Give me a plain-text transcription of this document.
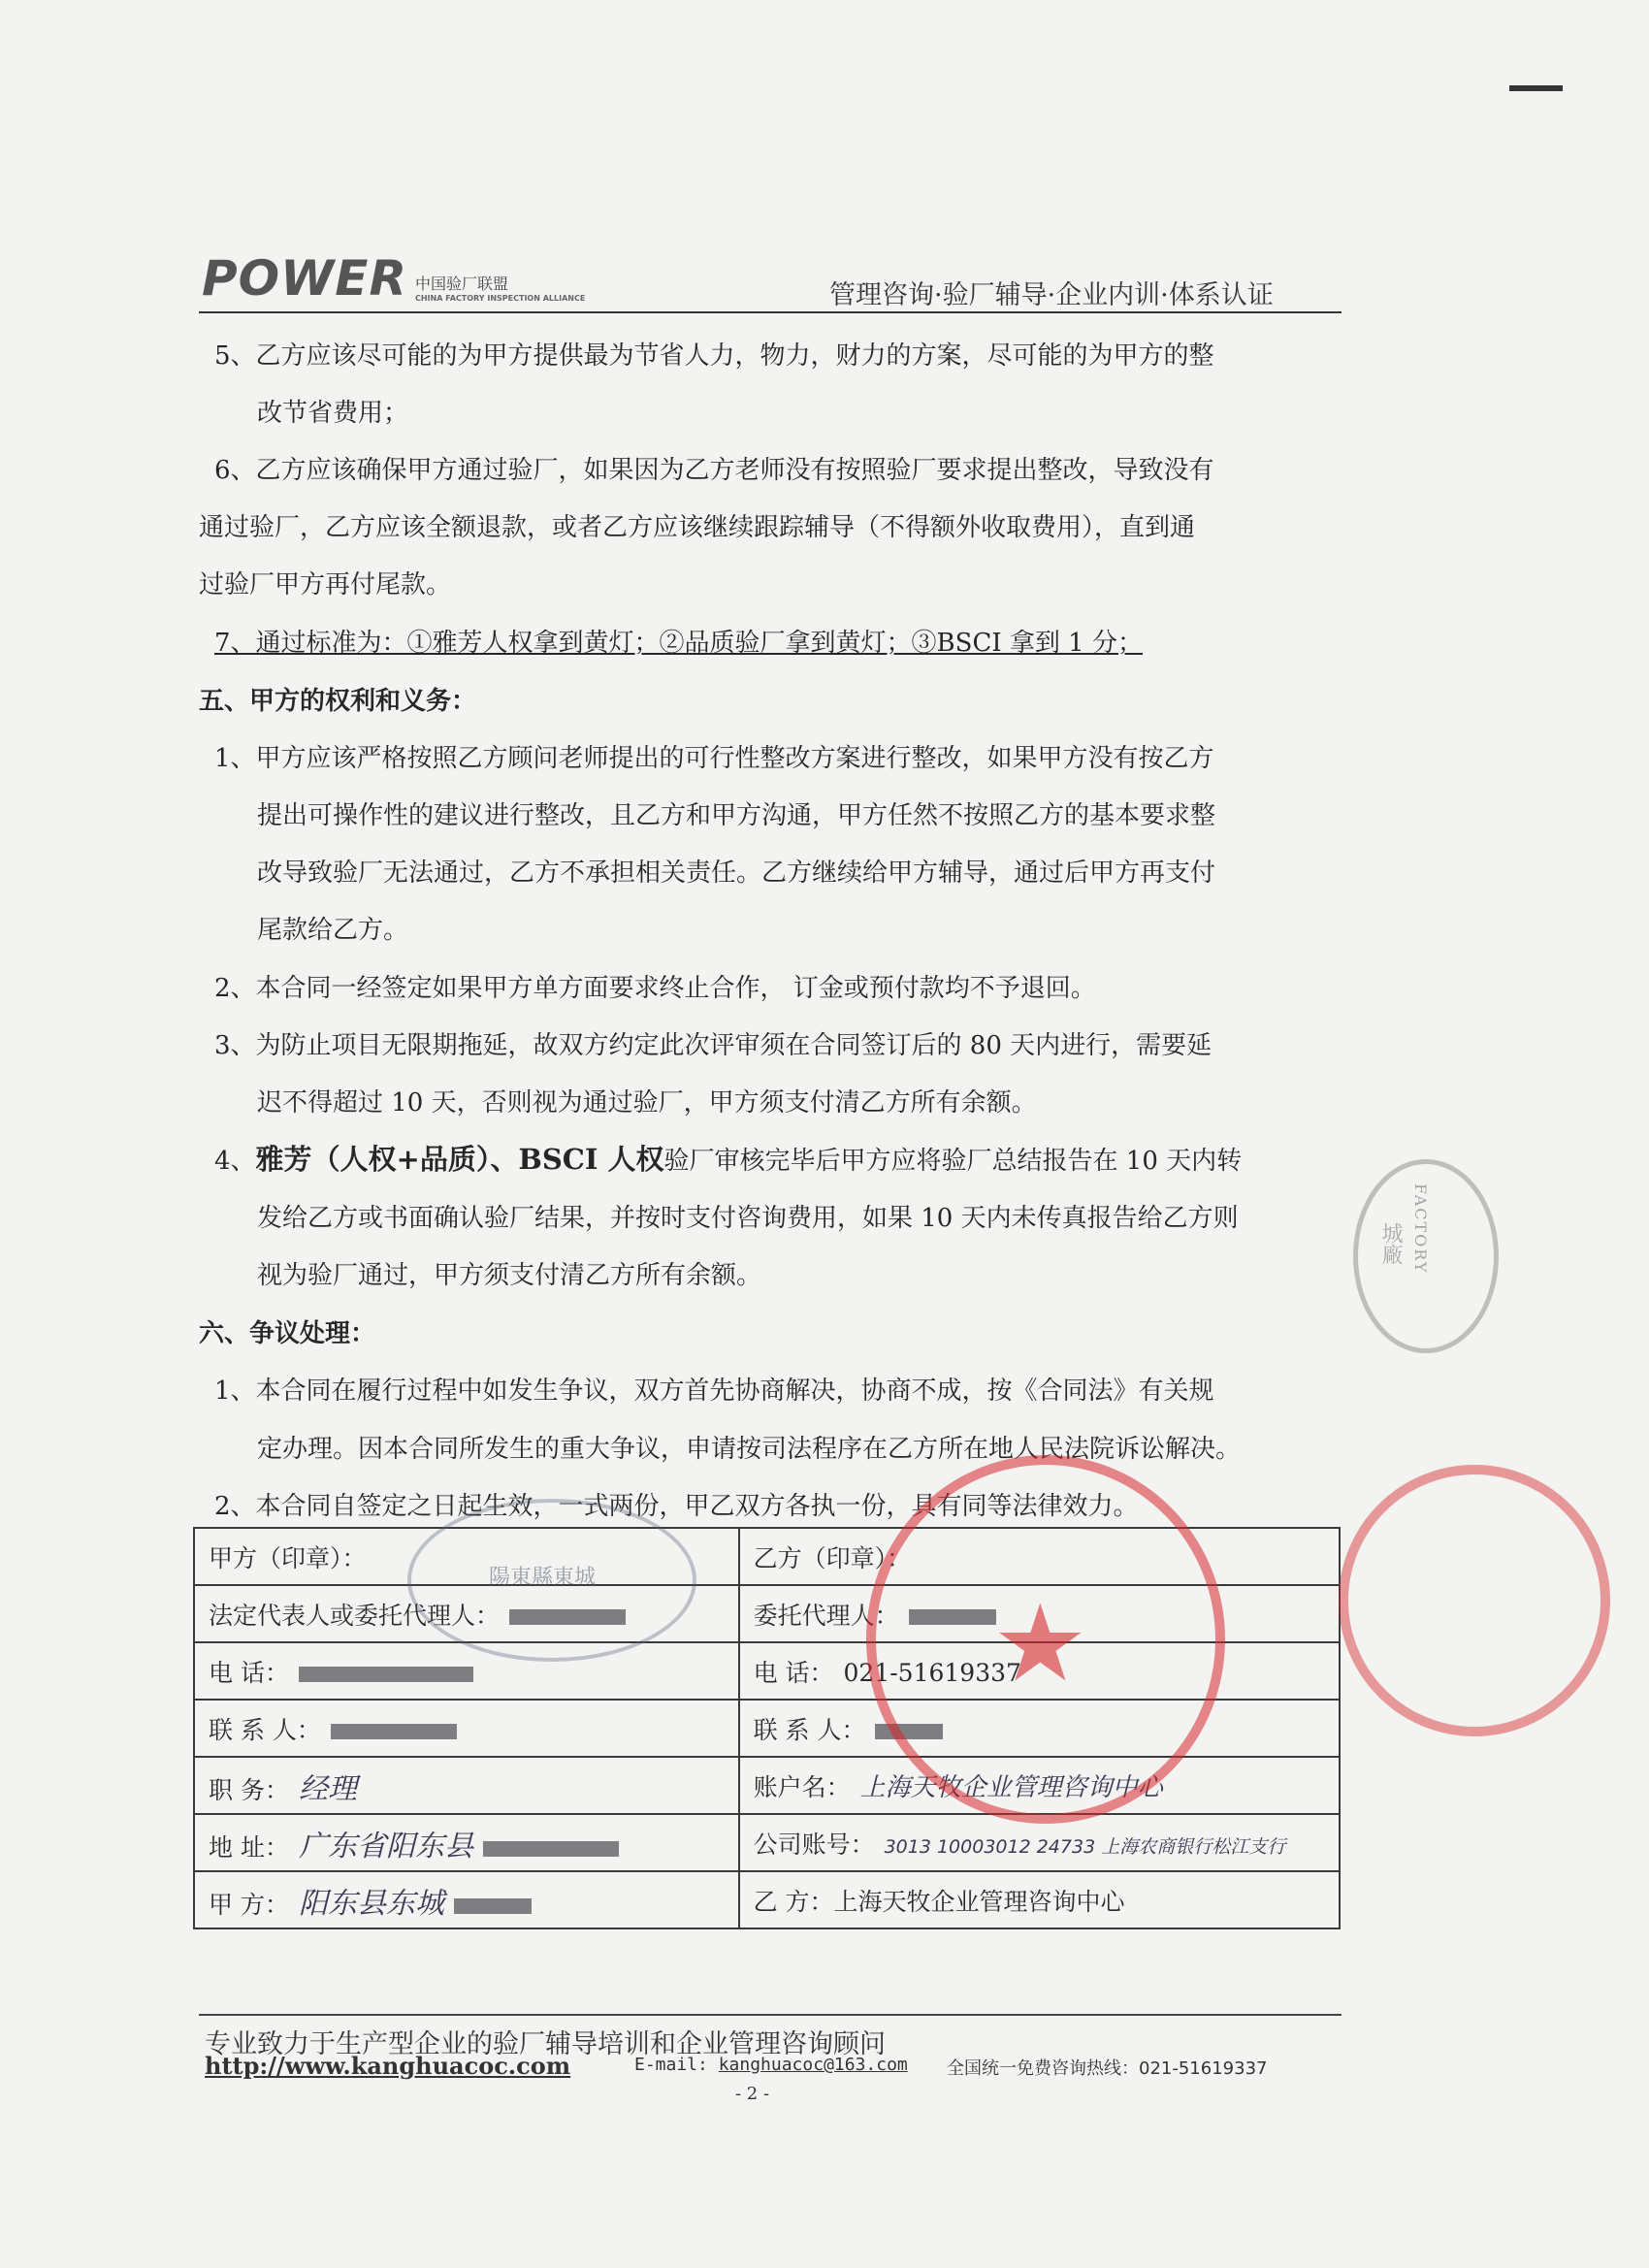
POWER 中国验厂联盟
CHINA FACTORY INSPECTION ALLIANCE	管理咨询·验厂辅导·企业内训·体系认证
5、乙方应该尽可能的为甲方提供最为节省人力，物力，财力的方案，尽可能的为甲方的整
改节省费用；
6、乙方应该确保甲方通过验厂，如果因为乙方老师没有按照验厂要求提出整改，导致没有
通过验厂，乙方应该全额退款，或者乙方应该继续跟踪辅导（不得额外收取费用），直到通
过验厂甲方再付尾款。
7、通过标准为：①雅芳人权拿到黄灯；②品质验厂拿到黄灯；③BSCI 拿到 1 分；
五、甲方的权利和义务：
1、甲方应该严格按照乙方顾问老师提出的可行性整改方案进行整改，如果甲方没有按乙方
提出可操作性的建议进行整改，且乙方和甲方沟通，甲方任然不按照乙方的基本要求整
改导致验厂无法通过，乙方不承担相关责任。乙方继续给甲方辅导，通过后甲方再支付
尾款给乙方。
2、本合同一经签定如果甲方单方面要求终止合作， 订金或预付款均不予退回。
3、为防止项目无限期拖延，故双方约定此次评审须在合同签订后的 80 天内进行，需要延
迟不得超过 10 天，否则视为通过验厂，甲方须支付清乙方所有余额。
4、雅芳（人权+品质）、BSCI 人权验厂审核完毕后甲方应将验厂总结报告在 10 天内转
发给乙方或书面确认验厂结果，并按时支付咨询费用，如果 10 天内未传真报告给乙方则
视为验厂通过，甲方须支付清乙方所有余额。
六、争议处理：
1、本合同在履行过程中如发生争议，双方首先协商解决，协商不成，按《合同法》有关规
定办理。因本合同所发生的重大争议，申请按司法程序在乙方所在地人民法院诉讼解决。
2、本合同自签定之日起生效，一式两份，甲乙双方各执一份，具有同等法律效力。
甲方（印章）：	乙方（印章）：
法定代表人或委托代理人：	委托代理人：
电 话：	电 话： 021-51619337
联 系 人：	联 系 人：
职 务： 经理	账户名： 上海天牧企业管理咨询中心
地 址： 广东省阳东县	公司账号： 3013 10003012 24733 上海农商银行松江支行
甲 方： 阳东县东城	乙 方：上海天牧企业管理咨询中心
陽東縣東城
FACTORY
城廠
★
专业致力于生产型企业的验厂辅导培训和企业管理咨询顾问
http://www.kanghuacoc.com	E-mail: kanghuacoc@163.com 全国统一免费咨询热线：021-51619337
- 2 -
